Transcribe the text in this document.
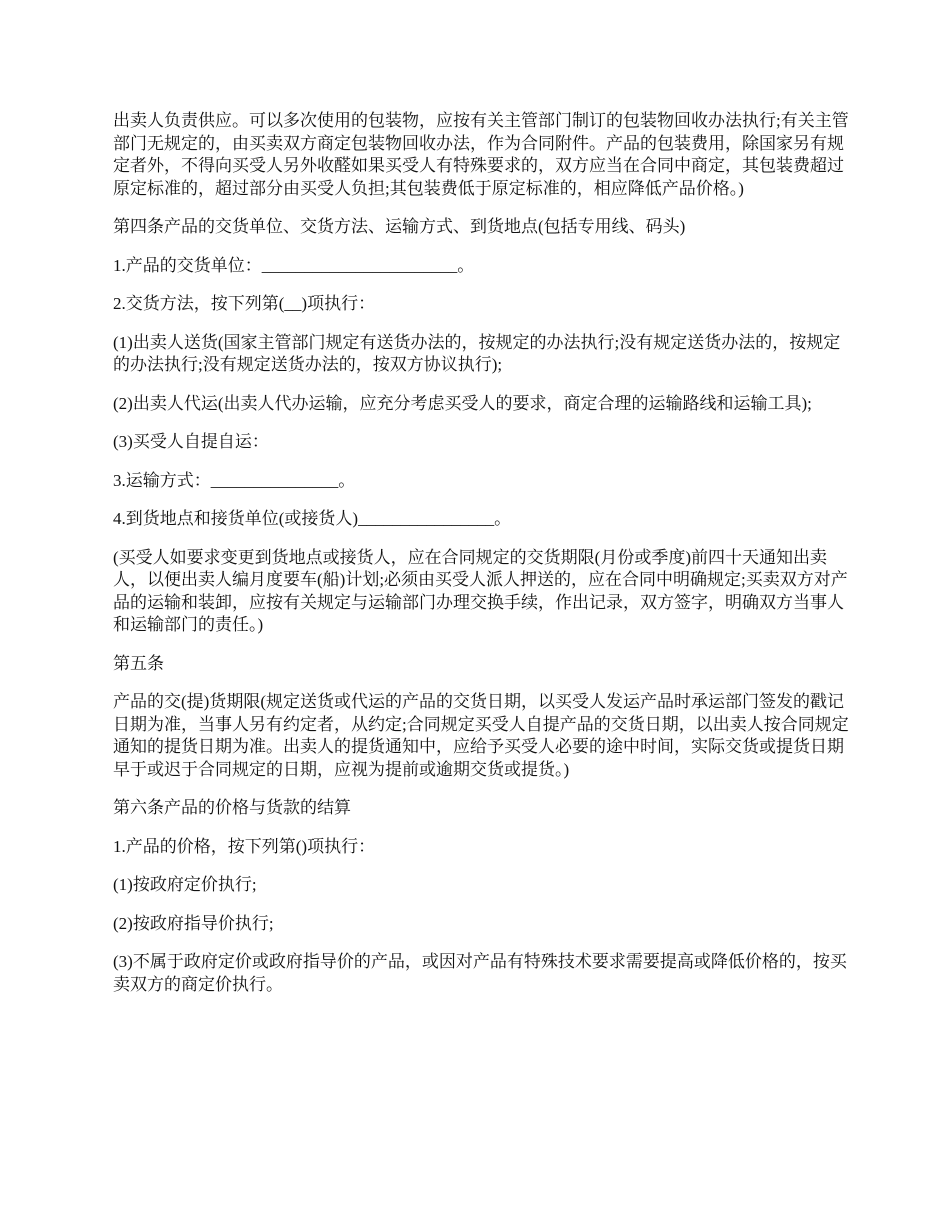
出卖人负责供应。可以多次使用的包装物，应按有关主管部门制订的包装物回收办法执行;有关主管部门无规定的，由买卖双方商定包装物回收办法，作为合同附件。产品的包装费用，除国家另有规定者外，不得向买受人另外收醛如果买受人有特殊要求的，双方应当在合同中商定，其包装费超过原定标准的，超过部分由买受人负担;其包装费低于原定标准的，相应降低产品价格。)

第四条产品的交货单位、交货方法、运输方式、到货地点(包括专用线、码头)

1.产品的交货单位：_______________________。

2.交货方法，按下列第(__)项执行：

(1)出卖人送货(国家主管部门规定有送货办法的，按规定的办法执行;没有规定送货办法的，按规定的办法执行;没有规定送货办法的，按双方协议执行);

(2)出卖人代运(出卖人代办运输，应充分考虑买受人的要求，商定合理的运输路线和运输工具);

(3)买受人自提自运：

3.运输方式：_______________。

4.到货地点和接货单位(或接货人)________________。

(买受人如要求变更到货地点或接货人，应在合同规定的交货期限(月份或季度)前四十天通知出卖人，以便出卖人编月度要车(船)计划;必须由买受人派人押送的，应在合同中明确规定;买卖双方对产品的运输和装卸，应按有关规定与运输部门办理交换手续，作出记录，双方签字，明确双方当事人和运输部门的责任。)

第五条

产品的交(提)货期限(规定送货或代运的产品的交货日期，以买受人发运产品时承运部门签发的戳记日期为准，当事人另有约定者，从约定;合同规定买受人自提产品的交货日期，以出卖人按合同规定通知的提货日期为准。出卖人的提货通知中，应给予买受人必要的途中时间，实际交货或提货日期早于或迟于合同规定的日期，应视为提前或逾期交货或提货。)

第六条产品的价格与货款的结算

1.产品的价格，按下列第()项执行：

(1)按政府定价执行;

(2)按政府指导价执行;

(3)不属于政府定价或政府指导价的产品，或因对产品有特殊技术要求需要提高或降低价格的，按买卖双方的商定价执行。
